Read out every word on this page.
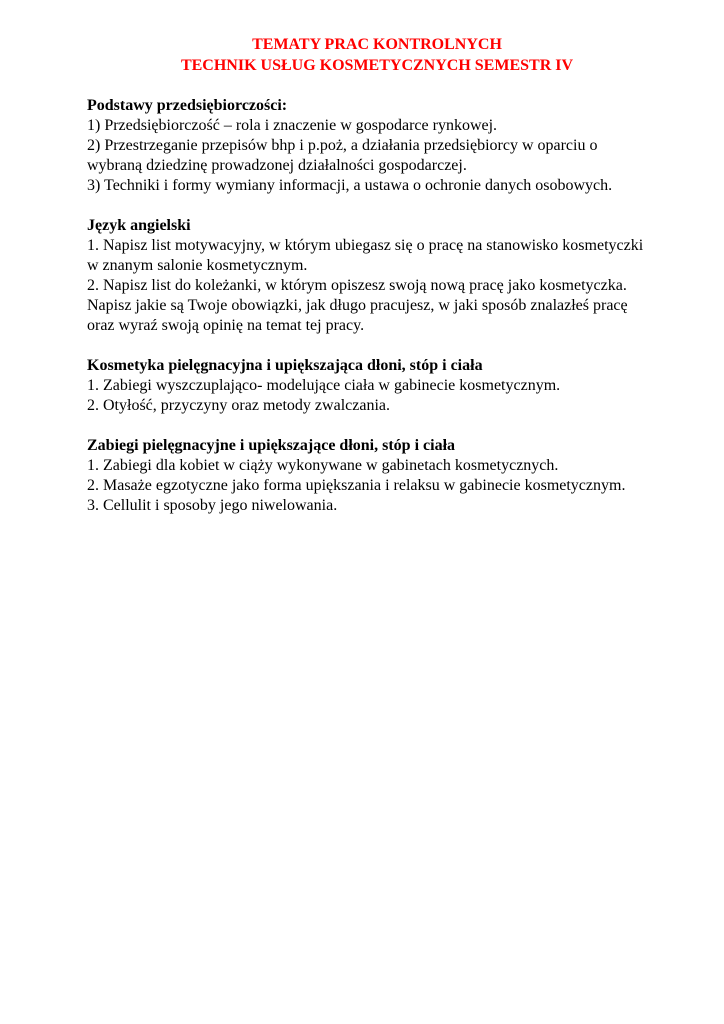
TEMATY PRAC KONTROLNYCH
TECHNIK USŁUG KOSMETYCZNYCH SEMESTR IV
Podstawy przedsiębiorczości:
1) Przedsiębiorczość – rola i znaczenie w gospodarce rynkowej.
2) Przestrzeganie przepisów bhp i p.poż, a działania przedsiębiorcy w oparciu o wybraną dziedzinę prowadzonej działalności gospodarczej.
3) Techniki i formy wymiany informacji, a ustawa o ochronie danych osobowych.
Język angielski
1. Napisz list motywacyjny, w którym ubiegasz się o pracę na stanowisko kosmetyczki w znanym salonie kosmetycznym.
2. Napisz list do koleżanki, w którym opiszesz swoją nową pracę jako kosmetyczka. Napisz jakie są Twoje obowiązki, jak długo pracujesz, w jaki sposób znalazłeś pracę oraz wyraź swoją opinię na temat tej pracy.
Kosmetyka pielęgnacyjna i upiększająca dłoni, stóp i ciała
1. Zabiegi wyszczuplająco- modelujące ciała w gabinecie kosmetycznym.
2. Otyłość, przyczyny oraz metody zwalczania.
Zabiegi pielęgnacyjne i upiększające dłoni, stóp i ciała
1. Zabiegi dla kobiet w ciąży wykonywane w gabinetach kosmetycznych.
2. Masaże egzotyczne jako forma upiększania i relaksu w gabinecie kosmetycznym.
3. Cellulit i sposoby jego niwelowania.
